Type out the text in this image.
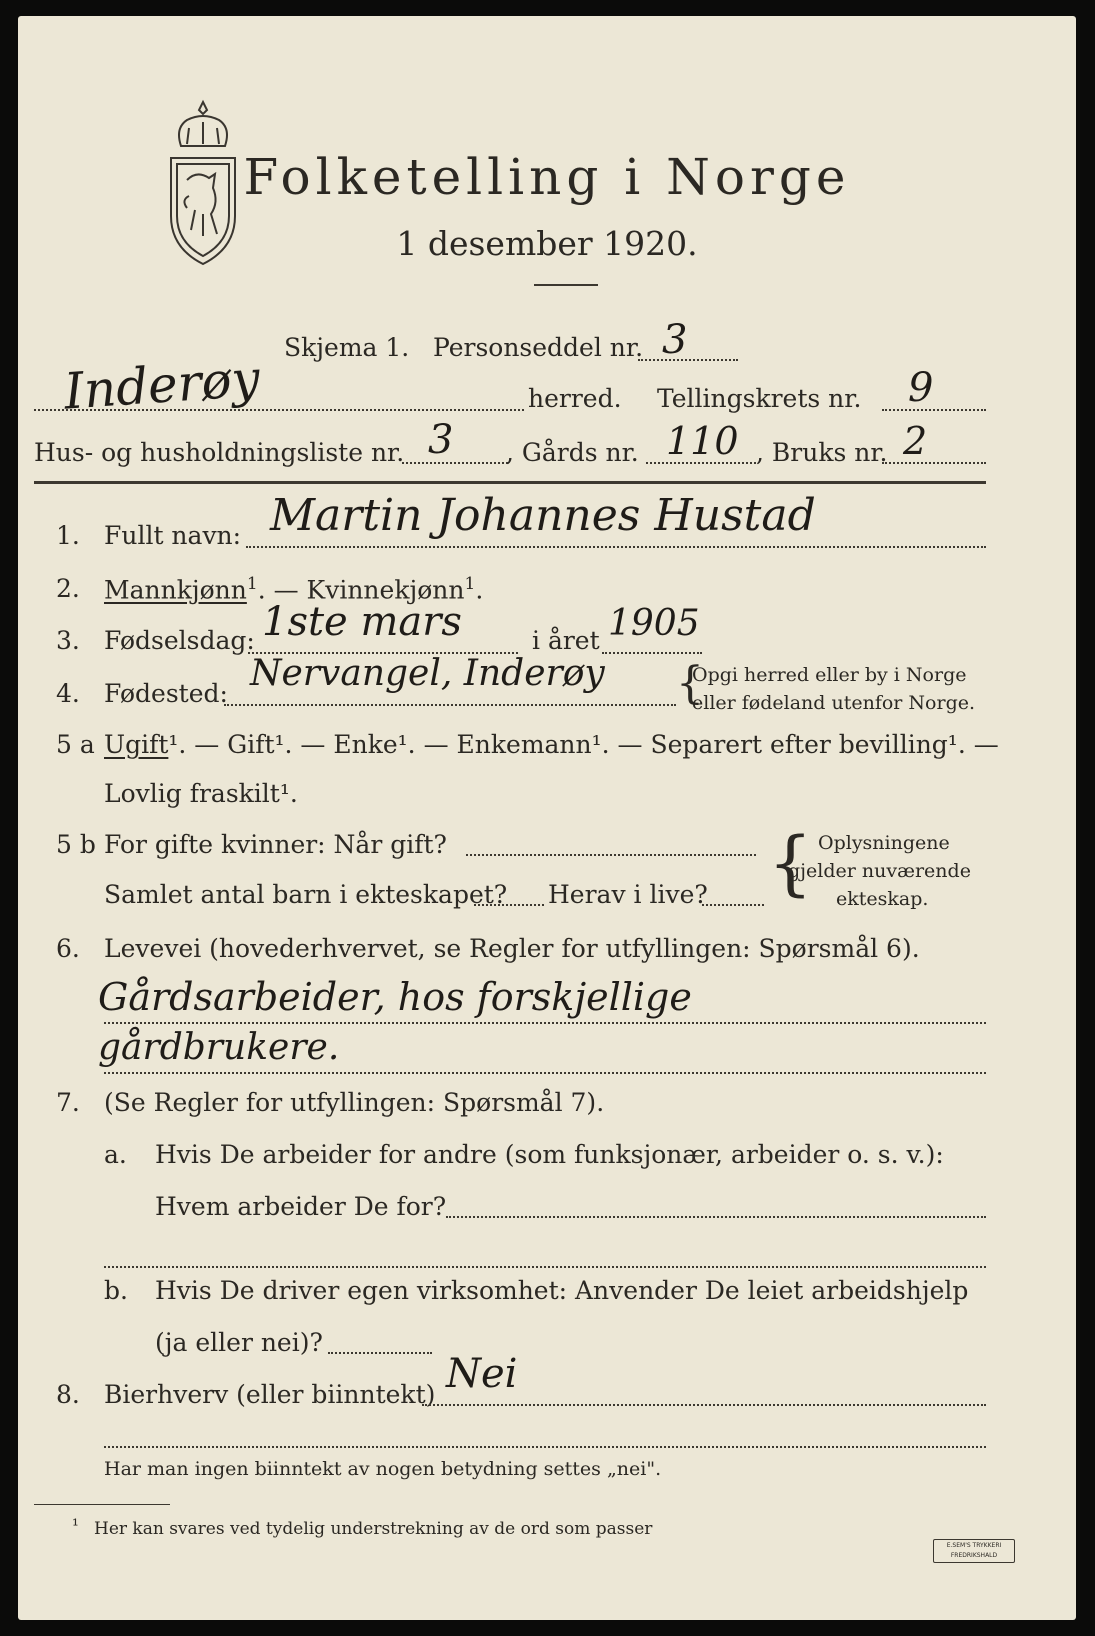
Folketelling i Norge
1 desember 1920.
Skjema 1. Personseddel nr. 3
Inderøy	herred. Tellingskrets nr. 9
Hus- og husholdningsliste nr. 3 , Gårds nr. 110 , Bruks nr. 2
1. Fullt navn: Martin Johannes Hustad
2. Mannkjønn$^1$. — Kvinnekjønn$^1$.
3. Fødselsdag: 1ste mars	i året 1905
4. Fødested: Nervangel, Inderøy {
Opgi herred eller by i Norge
eller fødeland utenfor Norge.
5 a Ugift¹. — Gift¹. — Enke¹. — Enkemann¹. — Separert efter bevilling¹. —
Lovlig fraskilt¹.
5 b For gifte kvinner: Når gift?
Samlet antal barn i ekteskapet? Herav i live? { Oplysningene
gjelder nuværende
ekteskap.
6. Levevei (hovederhvervet, se Regler for utfyllingen: Spørsmål 6).
Gårdsarbeider, hos forskjellige
gårdbrukere.
7. (Se Regler for utfyllingen: Spørsmål 7).
a. Hvis De arbeider for andre (som funksjonær, arbeider o. s. v.):
Hvem arbeider De for?
b. Hvis De driver egen virksomhet: Anvender De leiet arbeidshjelp
(ja eller nei)?
8. Bierhverv (eller biinntekt) Nei
Har man ingen biinntekt av nogen betydning settes „nei".
¹ Her kan svares ved tydelig understrekning av de ord som passer
E.SEM'S TRYKKERI
FREDRIKSHALD
